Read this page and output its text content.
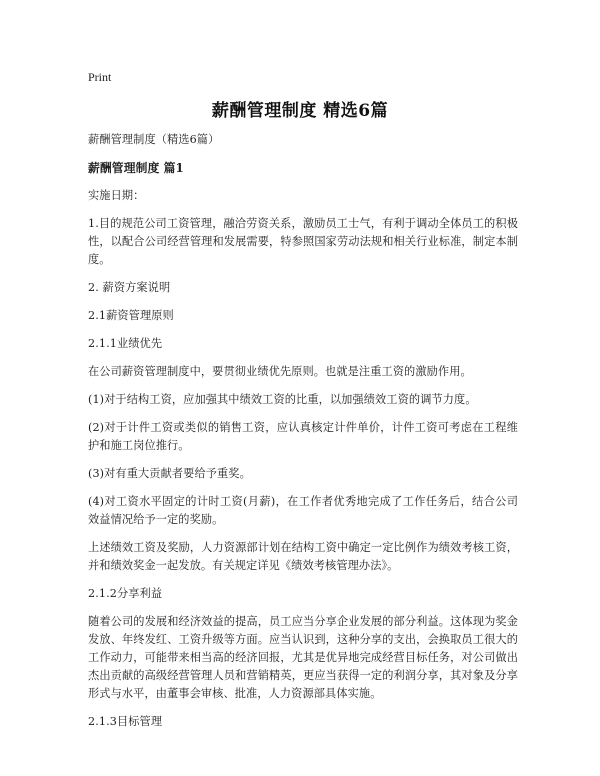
Print
薪酬管理制度 精选6篇

薪酬管理制度（精选6篇）

薪酬管理制度 篇1

实施日期：

1.目的规范公司工资管理，融洽劳资关系，激励员工士气，有利于调动全体员工的积极性，以配合公司经营管理和发展需要，特参照国家劳动法规和相关行业标准，制定本制度。

2. 薪资方案说明

2.1薪资管理原则

2.1.1业绩优先

在公司薪资管理制度中，要贯彻业绩优先原则。也就是注重工资的激励作用。

(1)对于结构工资，应加强其中绩效工资的比重，以加强绩效工资的调节力度。

(2)对于计件工资或类似的销售工资，应认真核定计件单价，计件工资可考虑在工程维护和施工岗位推行。

(3)对有重大贡献者要给予重奖。

(4)对工资水平固定的计时工资(月薪)，在工作者优秀地完成了工作任务后，结合公司效益情况给予一定的奖励。

上述绩效工资及奖励，人力资源部计划在结构工资中确定一定比例作为绩效考核工资，并和绩效奖金一起发放。有关规定详见《绩效考核管理办法》。

2.1.2分享利益

随着公司的发展和经济效益的提高，员工应当分享企业发展的部分利益。这体现为奖金发放、年终发红、工资升级等方面。应当认识到，这种分享的支出，会换取员工很大的工作动力，可能带来相当高的经济回报，尤其是优异地完成经营目标任务，对公司做出杰出贡献的高级经营管理人员和营销精英，更应当获得一定的利润分享，其对象及分享形式与水平，由董事会审核、批准，人力资源部具体实施。

2.1.3目标管理
